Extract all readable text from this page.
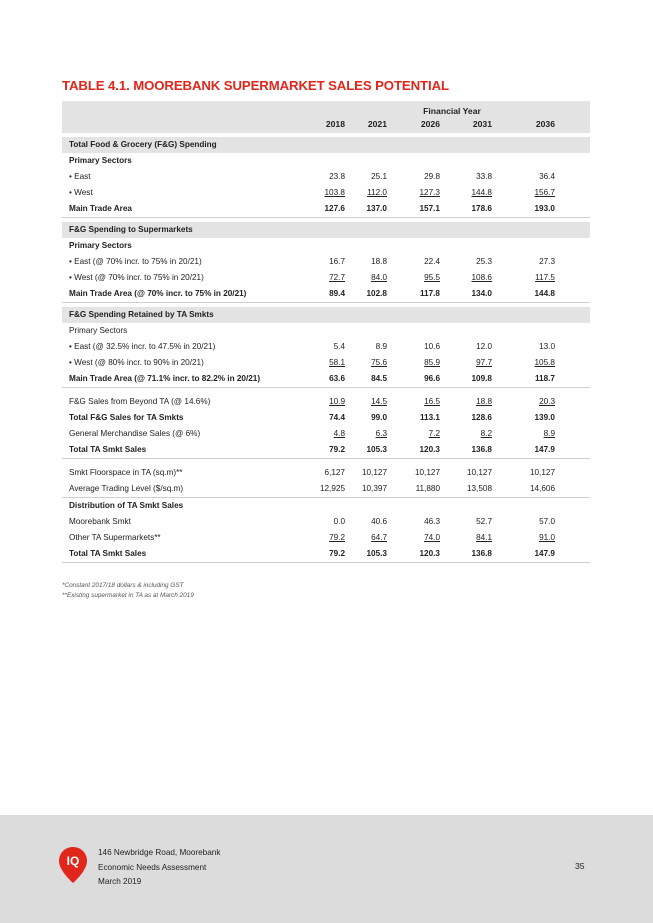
TABLE 4.1. MOOREBANK SUPERMARKET SALES POTENTIAL
Financial Year
2018	2021	2026	2031	2036
Total Food & Grocery (F&G) Spending
Primary Sectors
• East	23.8	25.1	29.8	33.8	36.4
• West	103.8	112.0	127.3	144.8	156.7
Main Trade Area	127.6	137.0	157.1	178.6	193.0
F&G Spending to Supermarkets
Primary Sectors
• East (@ 70% incr. to 75% in 20/21)	16.7	18.8	22.4	25.3	27.3
• West (@ 70% incr. to 75% in 20/21)	72.7	84.0	95.5	108.6	117.5
Main Trade Area (@ 70% incr. to 75% in 20/21)	89.4	102.8	117.8	134.0	144.8
F&G Spending Retained by TA Smkts
Primary Sectors
• East (@ 32.5% incr. to 47.5% in 20/21)	5.4	8.9	10.6	12.0	13.0
• West (@ 80% incr. to 90% in 20/21)	58.1	75.6	85.9	97.7	105.8
Main Trade Area (@ 71.1% incr. to 82.2% in 20/21)	63.6	84.5	96.6	109.8	118.7
F&G Sales from Beyond TA (@ 14.6%)	10.9	14.5	16.5	18.8	20.3
Total F&G Sales for TA Smkts	74.4	99.0	113.1	128.6	139.0
General Merchandise Sales (@ 6%)	4.8	6.3	7.2	8.2	8.9
Total TA Smkt Sales	79.2	105.3	120.3	136.8	147.9
Smkt Floorspace in TA (sq.m)**	6,127	10,127	10,127	10,127	10,127
Average Trading Level ($/sq.m)	12,925	10,397	11,880	13,508	14,606
Distribution of TA Smkt Sales
Moorebank Smkt	0.0	40.6	46.3	52.7	57.0
Other TA Supermarkets**	79.2	64.7	74.0	84.1	91.0
Total TA Smkt Sales	79.2	105.3	120.3	136.8	147.9
*Constant 2017/18 dollars & including GST
**Existing supermarket in TA as at March 2019
IQ
146 Newbridge Road, Moorebank
Economic Needs Assessment
March 2019
35
